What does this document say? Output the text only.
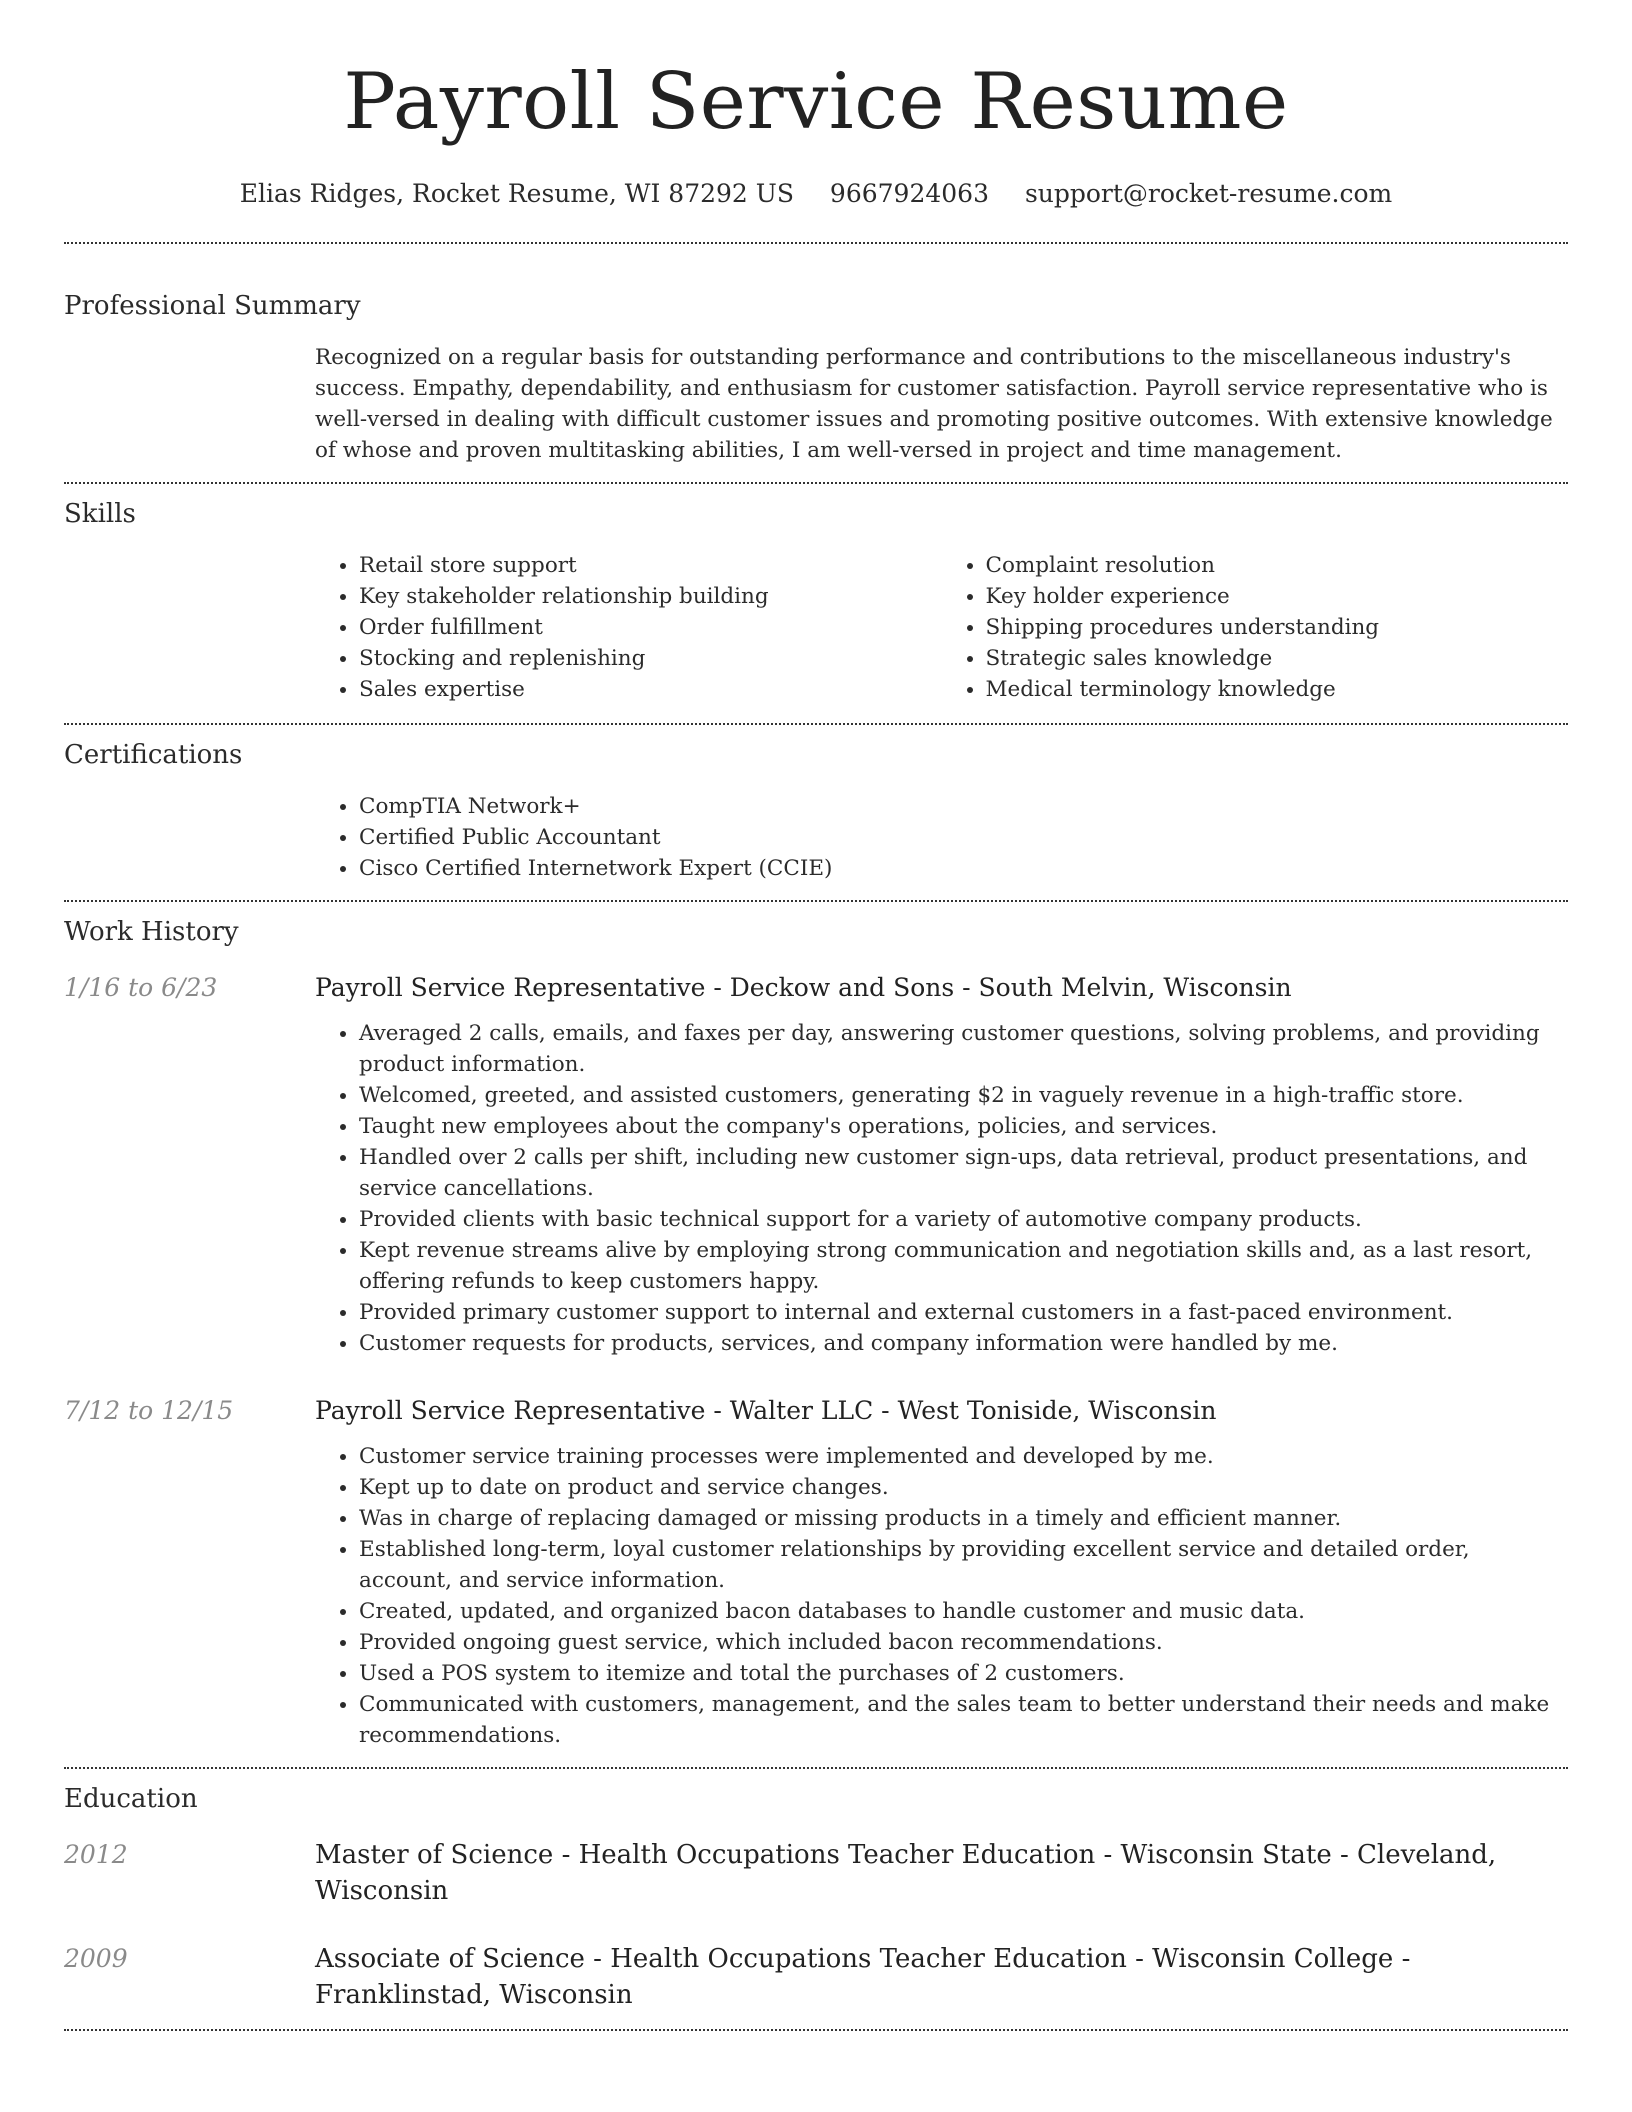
Payroll Service Resume
Elias Ridges, Rocket Resume, WI 87292 US 9667924063 support@rocket-resume.com
Professional Summary

Recognized on a regular basis for outstanding performance and contributions to the miscellaneous industry's success. Empathy, dependability, and enthusiasm for customer satisfaction. Payroll service representative who is well-versed in dealing with difficult customer issues and promoting positive outcomes. With extensive knowledge of whose and proven multitasking abilities, I am well-versed in project and time management.

Skills
• Retail store support
• Key stakeholder relationship building
• Order fulfillment
• Stocking and replenishing
• Sales expertise
• Complaint resolution
• Key holder experience
• Shipping procedures understanding
• Strategic sales knowledge
• Medical terminology knowledge
Certifications
• CompTIA Network+
• Certified Public Accountant
• Cisco Certified Internetwork Expert (CCIE)
Work History
1/16 to 6/23	Payroll Service Representative - Deckow and Sons - South Melvin, Wisconsin
• Averaged 2 calls, emails, and faxes per day, answering customer questions, solving problems, and providing product information.
• Welcomed, greeted, and assisted customers, generating $2 in vaguely revenue in a high-traffic store.
• Taught new employees about the company's operations, policies, and services.
• Handled over 2 calls per shift, including new customer sign-ups, data retrieval, product presentations, and service cancellations.
• Provided clients with basic technical support for a variety of automotive company products.
• Kept revenue streams alive by employing strong communication and negotiation skills and, as a last resort, offering refunds to keep customers happy.
• Provided primary customer support to internal and external customers in a fast-paced environment.
• Customer requests for products, services, and company information were handled by me.
7/12 to 12/15	Payroll Service Representative - Walter LLC - West Toniside, Wisconsin
• Customer service training processes were implemented and developed by me.
• Kept up to date on product and service changes.
• Was in charge of replacing damaged or missing products in a timely and efficient manner.
• Established long-term, loyal customer relationships by providing excellent service and detailed order, account, and service information.
• Created, updated, and organized bacon databases to handle customer and music data.
• Provided ongoing guest service, which included bacon recommendations.
• Used a POS system to itemize and total the purchases of 2 customers.
• Communicated with customers, management, and the sales team to better understand their needs and make recommendations.
Education
2012	Master of Science - Health Occupations Teacher Education - Wisconsin State - Cleveland, Wisconsin
2009	Associate of Science - Health Occupations Teacher Education - Wisconsin College - Franklinstad, Wisconsin
